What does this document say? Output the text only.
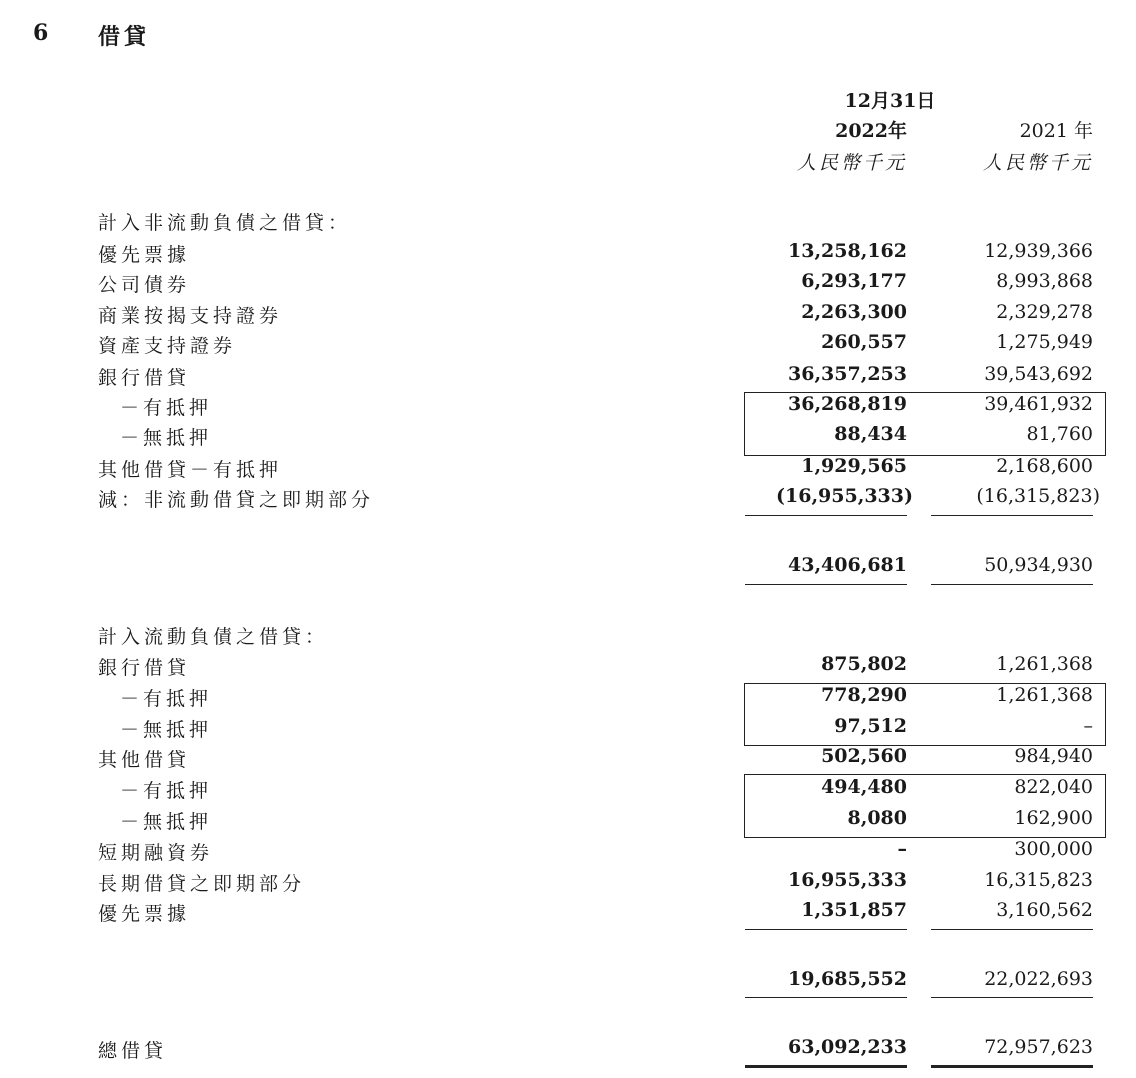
6 借貸
12月31日
2022年	2021 年
人民幣千元	人民幣千元
計入非流動負債之借貸：
優先票據	13,258,162	12,939,366
公司債券	6,293,177	8,993,868
商業按揭支持證券	2,263,300	2,329,278
資產支持證券	260,557	1,275,949
銀行借貸	36,357,253	39,543,692
－有抵押	36,268,819	39,461,932
－無抵押	88,434	81,760
其他借貸－有抵押	1,929,565	2,168,600
減：非流動借貸之即期部分	(16,955,333)	(16,315,823)
43,406,681	50,934,930
計入流動負債之借貸：
銀行借貸	875,802	1,261,368
－有抵押	778,290	1,261,368
－無抵押	97,512	–
其他借貸	502,560	984,940
－有抵押	494,480	822,040
－無抵押	8,080	162,900
短期融資券	–	300,000
長期借貸之即期部分	16,955,333	16,315,823
優先票據	1,351,857	3,160,562
19,685,552	22,022,693
總借貸	63,092,233	72,957,623
